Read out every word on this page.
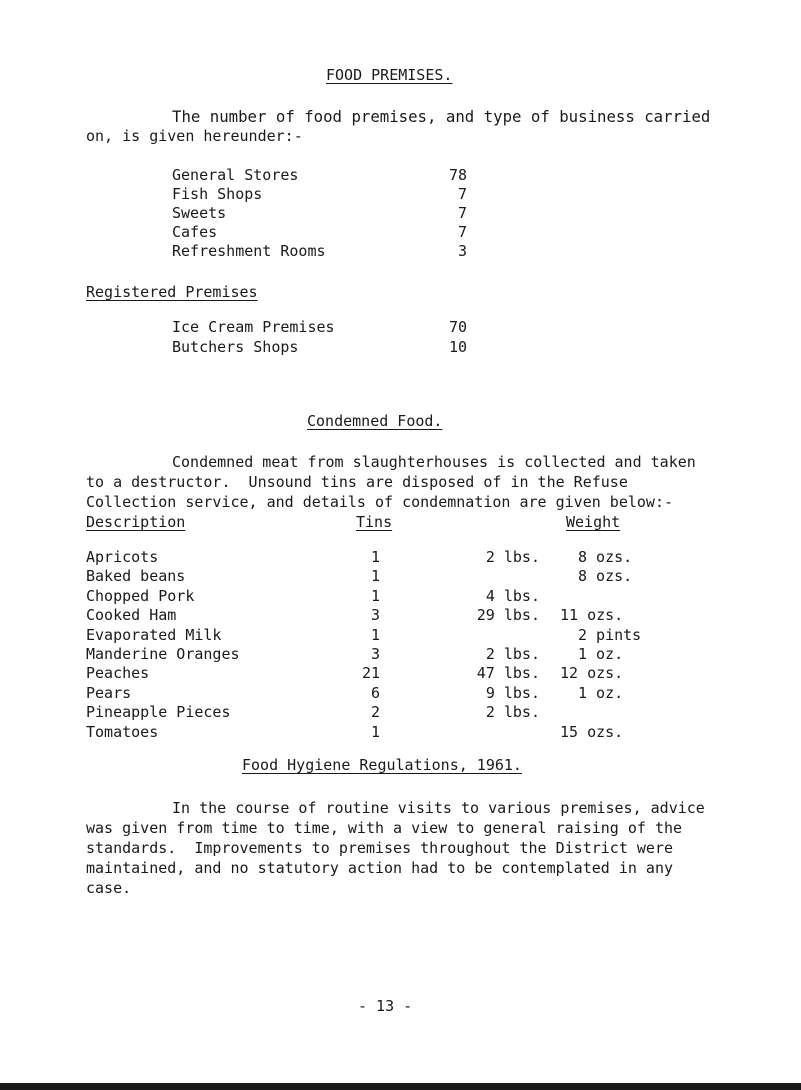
FOOD PREMISES.
The number of food premises, and type of business carried
on, is given hereunder:-
General Stores	78
Fish Shops	7
Sweets	7
Cafes	7
Refreshment Rooms	3
Registered Premises
Ice Cream Premises	70
Butchers Shops	10
Condemned Food.
Condemned meat from slaughterhouses is collected and taken
to a destructor.  Unsound tins are disposed of in the Refuse
Collection service, and details of condemnation are given below:-
Description	Tins	Weight
Apricots	1	2 lbs.	8 ozs.
Baked beans	1	8 ozs.
Chopped Pork	1	4 lbs.
Cooked Ham	3	29 lbs. 11 ozs.
Evaporated Milk	1	2 pints
Manderine Oranges	3	2 lbs.	1 oz.
Peaches	21	47 lbs. 12 ozs.
Pears	6	9 lbs.	1 oz.
Pineapple Pieces	2	2 lbs.
Tomatoes	1	15 ozs.
Food Hygiene Regulations, 1961.
In the course of routine visits to various premises, advice
was given from time to time, with a view to general raising of the
standards.  Improvements to premises throughout the District were
maintained, and no statutory action had to be contemplated in any
case.
- 13 -
